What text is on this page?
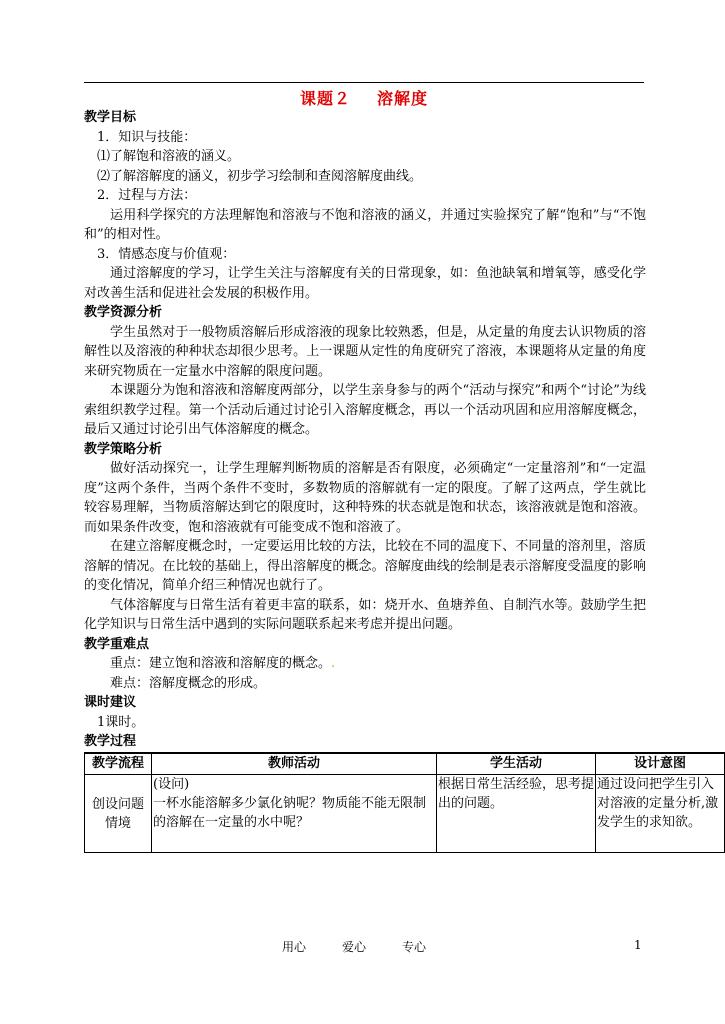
课题２ 溶解度
教学目标
1．知识与技能：
⑴了解饱和溶液的涵义。
⑵了解溶解度的涵义，初步学习绘制和查阅溶解度曲线。
2．过程与方法：
运用科学探究的方法理解饱和溶液与不饱和溶液的涵义，并通过实验探究了解“饱和”与“不饱和”的相对性。
3．情感态度与价值观：
通过溶解度的学习，让学生关注与溶解度有关的日常现象，如：鱼池缺氧和增氧等，感受化学对改善生活和促进社会发展的积极作用。
教学资源分析
学生虽然对于一般物质溶解后形成溶液的现象比较熟悉，但是，从定量的角度去认识物质的溶解性以及溶液的种种状态却很少思考。上一课题从定性的角度研究了溶液，本课题将从定量的角度来研究物质在一定量水中溶解的限度问题。
本课题分为饱和溶液和溶解度两部分，以学生亲身参与的两个“活动与探究”和两个“讨论”为线索组织教学过程。第一个活动后通过讨论引入溶解度概念，再以一个活动巩固和应用溶解度概念，最后又通过讨论引出气体溶解度的概念。
教学策略分析
做好活动探究一，让学生理解判断物质的溶解是否有限度，必须确定“一定量溶剂”和“一定温度”这两个条件，当两个条件不变时，多数物质的溶解就有一定的限度。了解了这两点，学生就比较容易理解，当物质溶解达到它的限度时，这种特殊的状态就是饱和状态，该溶液就是饱和溶液。而如果条件改变，饱和溶液就有可能变成不饱和溶液了。
在建立溶解度概念时，一定要运用比较的方法，比较在不同的温度下、不同量的溶剂里，溶质溶解的情况。在比较的基础上，得出溶解度的概念。溶解度曲线的绘制是表示溶解度受温度的影响的变化情况，简单介绍三种情况也就行了。
气体溶解度与日常生活有着更丰富的联系，如：烧开水、鱼塘养鱼、自制汽水等。鼓励学生把化学知识与日常生活中遇到的实际问题联系起来考虑并提出问题。
教学重难点
重点：建立饱和溶液和溶解度的概念。.
难点：溶解度概念的形成。
课时建议
1课时。
教学过程
教学流程	教师活动	学生活动	设计意图
创设问题情境	(设问)
一杯水能溶解多少氯化钠呢？物质能不能无限制的溶解在一定量的水中呢？	根据日常生活经验，思考提出的问题。	通过设问把学生引入对溶液的定量分析,激发学生的求知欲。
用心	爱心	专心	1
